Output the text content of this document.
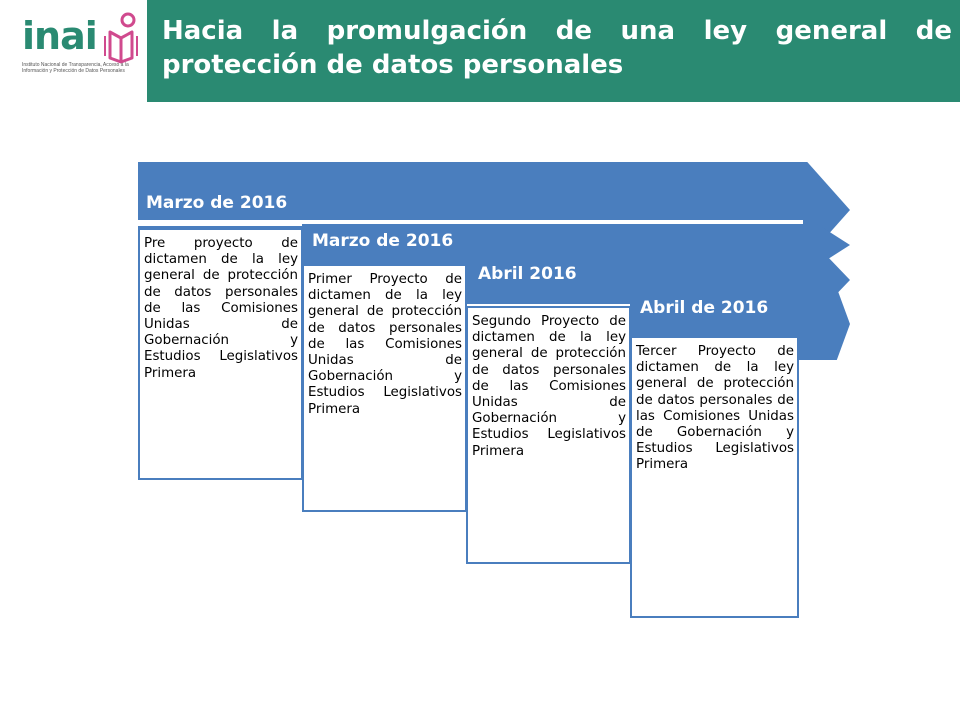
inai
Instituto Nacional de Transparencia, Acceso a la Información y Protección de Datos Personales
Hacia la promulgación de una ley general de protección de datos personales
Marzo de 2016
Marzo de 2016
Abril 2016
Abril de 2016
Pre proyecto de dictamen de la ley general de protección de datos personales de las Comisiones Unidas de Gobernación y Estudios Legislativos Primera
Primer Proyecto de dictamen de la ley general de protección de datos personales de las Comisiones Unidas de Gobernación y Estudios Legislativos Primera
Segundo Proyecto de dictamen de la ley general de protección de datos personales de las Comisiones Unidas de Gobernación y Estudios Legislativos Primera
Tercer Proyecto de dictamen de la ley general de protección de datos personales de las Comisiones Unidas de Gobernación y Estudios Legislativos Primera
